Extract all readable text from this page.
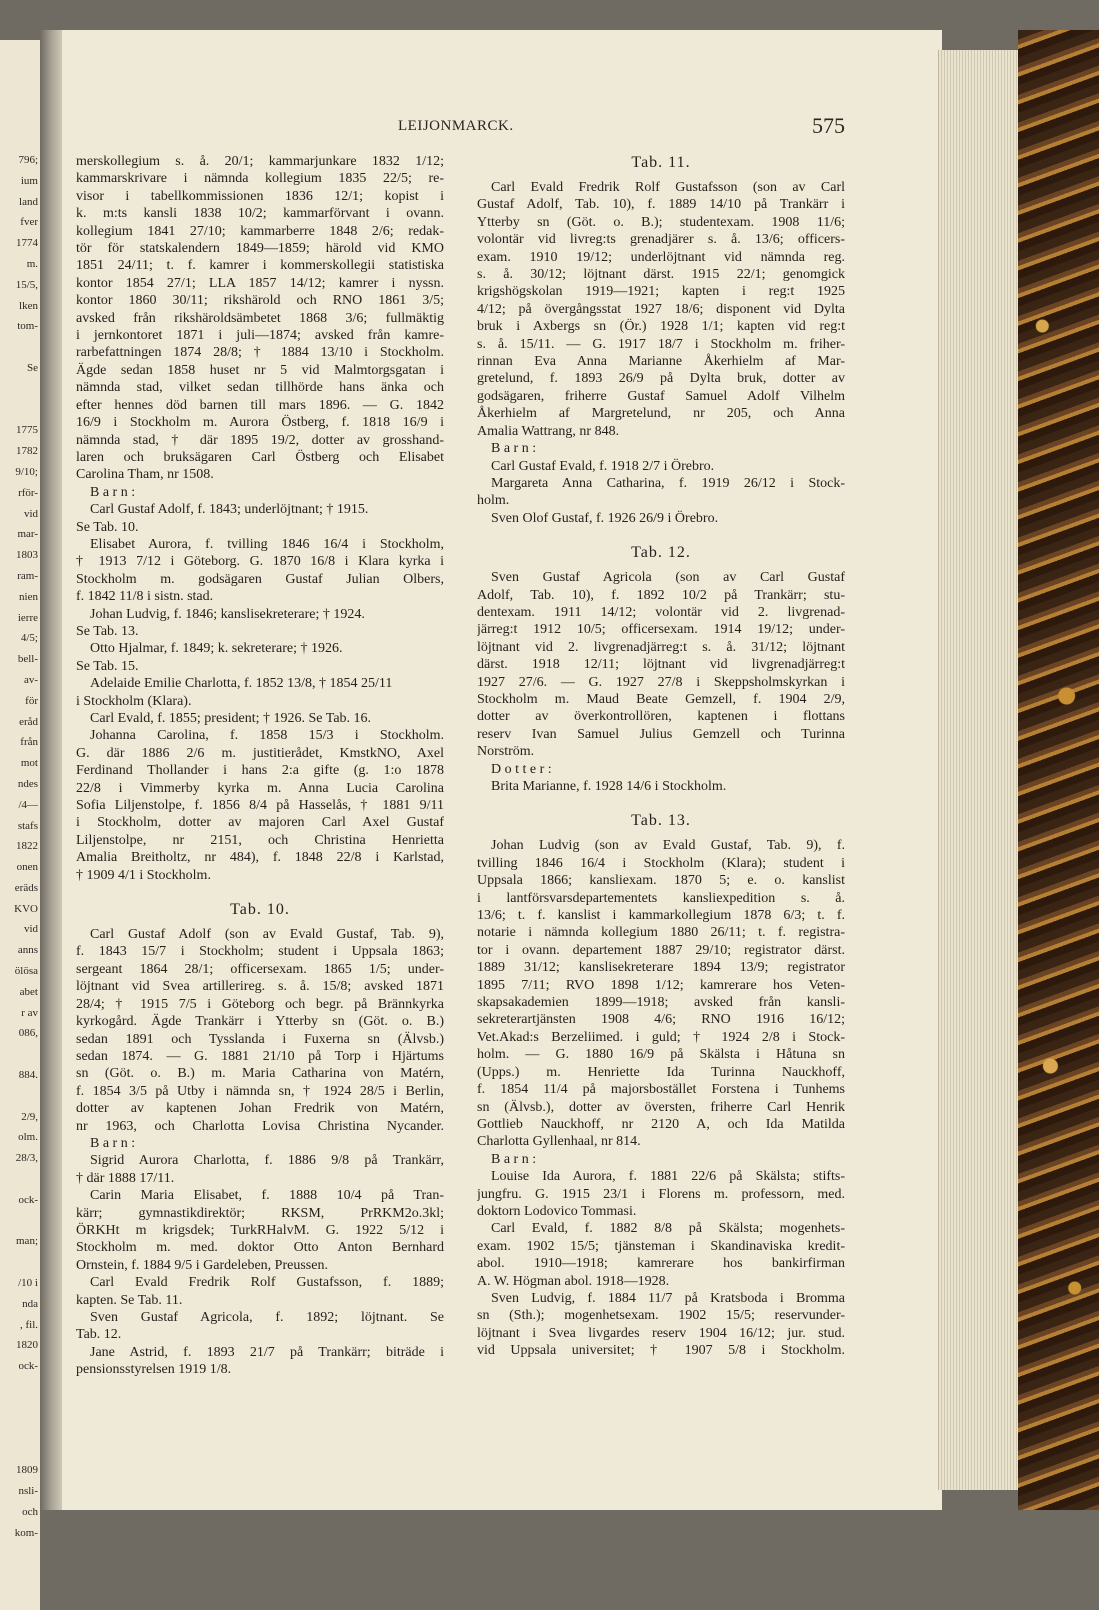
796;
ium
land
fver
1774
m.
15/5,
lken
tom-
Se
1775
1782
9/10;
rför-
vid
mar-
1803
ram-
nien
ierre
4/5;
bell-
av-
för
eråd
från
mot
ndes
/4—
stafs
1822
onen
eräds
KVO
vid
anns
ölösa
abet
r av
086,
884.
2/9,
olm.
28/3,
ock-
man;
/10 i
nda
, fil.
1820
ock-
1809
nsli-
och
kom-
LEIJONMARCK.	575
merskollegium s. å. 20/1; kammarjunkare 1832 1/12;
kammarskrivare i nämnda kollegium 1835 22/5; re-
visor i tabellkommissionen 1836 12/1; kopist i
k. m:ts kansli 1838 10/2; kammarförvant i ovann.
kollegium 1841 27/10; kammarberre 1848 2/6; redak-
tör för statskalendern 1849—1859; härold vid KMO
1851 24/11; t. f. kamrer i kommerskollegii statistiska
kontor 1854 27/1; LLA 1857 14/12; kamrer i nyssn.
kontor 1860 30/11; rikshärold och RNO 1861 3/5;
avsked från rikshäroldsämbetet 1868 3/6; fullmäktig
i jernkontoret 1871 i juli—1874; avsked från kamre-
rarbefattningen 1874 28/8; † 1884 13/10 i Stockholm.
Ägde sedan 1858 huset nr 5 vid Malmtorgsgatan i
nämnda stad, vilket sedan tillhörde hans änka och
efter hennes död barnen till mars 1896. — G. 1842
16/9 i Stockholm m. Aurora Östberg, f. 1818 16/9 i
nämnda stad, † där 1895 19/2, dotter av grosshand-
laren och bruksägaren Carl Östberg och Elisabet
Carolina Tham, nr 1508.
B a r n :
Carl Gustaf Adolf, f. 1843; underlöjtnant; † 1915.
Se Tab. 10.
Elisabet Aurora, f. tvilling 1846 16/4 i Stockholm,
† 1913 7/12 i Göteborg. G. 1870 16/8 i Klara kyrka i
Stockholm m. godsägaren Gustaf Julian Olbers,
f. 1842 11/8 i sistn. stad.
Johan Ludvig, f. 1846; kanslisekreterare; † 1924.
Se Tab. 13.
Otto Hjalmar, f. 1849; k. sekreterare; † 1926.
Se Tab. 15.
Adelaide Emilie Charlotta, f. 1852 13/8, † 1854 25/11
i Stockholm (Klara).
Carl Evald, f. 1855; president; † 1926. Se Tab. 16.
Johanna Carolina, f. 1858 15/3 i Stockholm.
G. där 1886 2/6 m. justitierådet, KmstkNO, Axel
Ferdinand Thollander i hans 2:a gifte (g. 1:o 1878
22/8 i Vimmerby kyrka m. Anna Lucia Carolina
Sofia Liljenstolpe, f. 1856 8/4 på Hasselås, † 1881 9/11
i Stockholm, dotter av majoren Carl Axel Gustaf
Liljenstolpe, nr 2151, och Christina Henrietta
Amalia Breitholtz, nr 484), f. 1848 22/8 i Karlstad,
† 1909 4/1 i Stockholm.
Tab. 10.
Carl Gustaf Adolf (son av Evald Gustaf, Tab. 9),
f. 1843 15/7 i Stockholm; student i Uppsala 1863;
sergeant 1864 28/1; officersexam. 1865 1/5; under-
löjtnant vid Svea artillerireg. s. å. 15/8; avsked 1871
28/4; † 1915 7/5 i Göteborg och begr. på Brännkyrka
kyrkogård. Ägde Trankärr i Ytterby sn (Göt. o. B.)
sedan 1891 och Tysslanda i Fuxerna sn (Älvsb.)
sedan 1874. — G. 1881 21/10 på Torp i Hjärtums
sn (Göt. o. B.) m. Maria Catharina von Matérn,
f. 1854 3/5 på Utby i nämnda sn, † 1924 28/5 i Berlin,
dotter av kaptenen Johan Fredrik von Matérn,
nr 1963, och Charlotta Lovisa Christina Nycander.
B a r n :
Sigrid Aurora Charlotta, f. 1886 9/8 på Trankärr,
† där 1888 17/11.
Carin Maria Elisabet, f. 1888 10/4 på Tran-
kärr; gymnastikdirektör; RKSM, PrRKM2o.3kl;
ÖRKHt m krigsdek; TurkRHalvM. G. 1922 5/12 i
Stockholm m. med. doktor Otto Anton Bernhard
Ornstein, f. 1884 9/5 i Gardeleben, Preussen.
Carl Evald Fredrik Rolf Gustafsson, f. 1889;
kapten. Se Tab. 11.
Sven Gustaf Agricola, f. 1892; löjtnant. Se
Tab. 12.
Jane Astrid, f. 1893 21/7 på Trankärr; biträde i
pensionsstyrelsen 1919 1/8.
Tab. 11.
Carl Evald Fredrik Rolf Gustafsson (son av Carl
Gustaf Adolf, Tab. 10), f. 1889 14/10 på Trankärr i
Ytterby sn (Göt. o. B.); studentexam. 1908 11/6;
volontär vid livreg:ts grenadjärer s. å. 13/6; officers-
exam. 1910 19/12; underlöjtnant vid nämnda reg.
s. å. 30/12; löjtnant därst. 1915 22/1; genomgick
krigshögskolan 1919—1921; kapten i reg:t 1925
4/12; på övergångsstat 1927 18/6; disponent vid Dylta
bruk i Axbergs sn (Ör.) 1928 1/1; kapten vid reg:t
s. å. 15/11. — G. 1917 18/7 i Stockholm m. friher-
rinnan Eva Anna Marianne Åkerhielm af Mar-
gretelund, f. 1893 26/9 på Dylta bruk, dotter av
godsägaren, friherre Gustaf Samuel Adolf Vilhelm
Åkerhielm af Margretelund, nr 205, och Anna
Amalia Wattrang, nr 848.
B a r n :
Carl Gustaf Evald, f. 1918 2/7 i Örebro.
Margareta Anna Catharina, f. 1919 26/12 i Stock-
holm.
Sven Olof Gustaf, f. 1926 26/9 i Örebro.
Tab. 12.
Sven Gustaf Agricola (son av Carl Gustaf
Adolf, Tab. 10), f. 1892 10/2 på Trankärr; stu-
dentexam. 1911 14/12; volontär vid 2. livgrenad-
järreg:t 1912 10/5; officersexam. 1914 19/12; under-
löjtnant vid 2. livgrenadjärreg:t s. å. 31/12; löjtnant
därst. 1918 12/11; löjtnant vid livgrenadjärreg:t
1927 27/6. — G. 1927 27/8 i Skeppsholmskyrkan i
Stockholm m. Maud Beate Gemzell, f. 1904 2/9,
dotter av överkontrollören, kaptenen i flottans
reserv Ivan Samuel Julius Gemzell och Turinna
Norström.
D o t t e r :
Brita Marianne, f. 1928 14/6 i Stockholm.
Tab. 13.
Johan Ludvig (son av Evald Gustaf, Tab. 9), f.
tvilling 1846 16/4 i Stockholm (Klara); student i
Uppsala 1866; kansliexam. 1870 5; e. o. kanslist
i lantförsvarsdepartementets kansliexpedition s. å.
13/6; t. f. kanslist i kammarkollegium 1878 6/3; t. f.
notarie i nämnda kollegium 1880 26/11; t. f. registra-
tor i ovann. departement 1887 29/10; registrator därst.
1889 31/12; kanslisekreterare 1894 13/9; registrator
1895 7/11; RVO 1898 1/12; kamrerare hos Veten-
skapsakademien 1899—1918; avsked från kansli-
sekreterartjänsten 1908 4/6; RNO 1916 16/12;
Vet.Akad:s Berzeliimed. i guld; † 1924 2/8 i Stock-
holm. — G. 1880 16/9 på Skälsta i Håtuna sn
(Upps.) m. Henriette Ida Turinna Nauckhoff,
f. 1854 11/4 på majorsbostället Forstena i Tunhems
sn (Älvsb.), dotter av översten, friherre Carl Henrik
Gottlieb Nauckhoff, nr 2120 A, och Ida Matilda
Charlotta Gyllenhaal, nr 814.
B a r n :
Louise Ida Aurora, f. 1881 22/6 på Skälsta; stifts-
jungfru. G. 1915 23/1 i Florens m. professorn, med.
doktorn Lodovico Tommasi.
Carl Evald, f. 1882 8/8 på Skälsta; mogenhets-
exam. 1902 15/5; tjänsteman i Skandinaviska kredit-
abol. 1910—1918; kamrerare hos bankirfirman
A. W. Högman abol. 1918—1928.
Sven Ludvig, f. 1884 11/7 på Kratsboda i Bromma
sn (Sth.); mogenhetsexam. 1902 15/5; reservunder-
löjtnant i Svea livgardes reserv 1904 16/12; jur. stud.
vid Uppsala universitet; † 1907 5/8 i Stockholm.
